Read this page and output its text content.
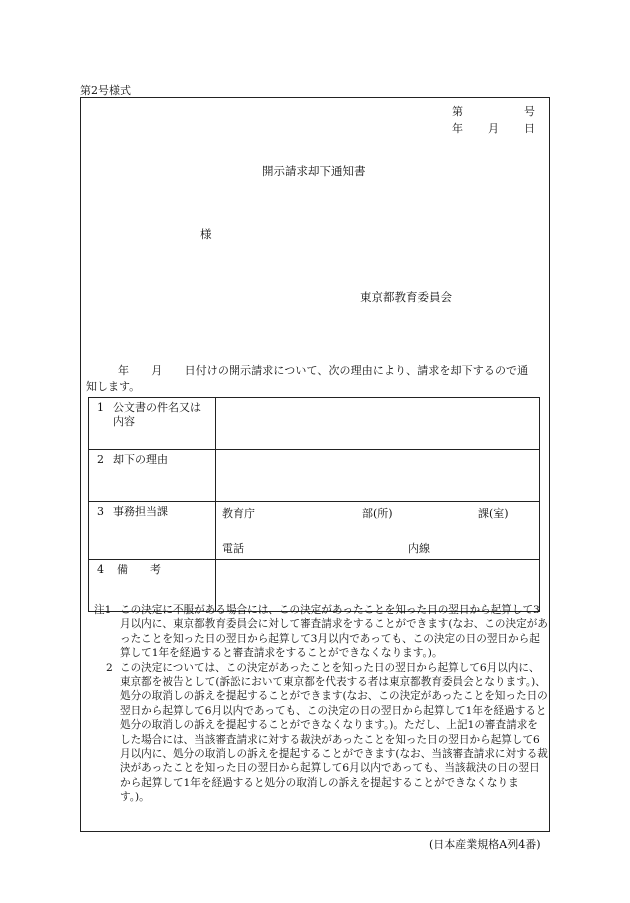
第2号様式
第	号
年 月 日
開示請求却下通知書
様
東京都教育委員会
年　　月　　日付けの開示請求について、次の理由により、請求を却下するので通
知します。
1 公文書の件名又は内容	
2 却下の理由	
3 事務担当課	教育庁 部(所) 課(室)
電話 内線

4 備　　考	
注1 この決定に不服がある場合には、この決定があったことを知った日の翌日から起算して3月以内に、東京都教育委員会に対して審査請求をすることができます(なお、この決定があったことを知った日の翌日から起算して3月以内であっても、この決定の日の翌日から起算して1年を経過すると審査請求をすることができなくなります。)。
2 この決定については、この決定があったことを知った日の翌日から起算して6月以内に、東京都を被告として(訴訟において東京都を代表する者は東京都教育委員会となります。)、処分の取消しの訴えを提起することができます(なお、この決定があったことを知った日の翌日から起算して6月以内であっても、この決定の日の翌日から起算して1年を経過すると処分の取消しの訴えを提起することができなくなります。)。ただし、上記1の審査請求をした場合には、当該審査請求に対する裁決があったことを知った日の翌日から起算して6月以内に、処分の取消しの訴えを提起することができます(なお、当該審査請求に対する裁決があったことを知った日の翌日から起算して6月以内であっても、当該裁決の日の翌日から起算して1年を経過すると処分の取消しの訴えを提起することができなくなります。)。
(日本産業規格A列4番)
